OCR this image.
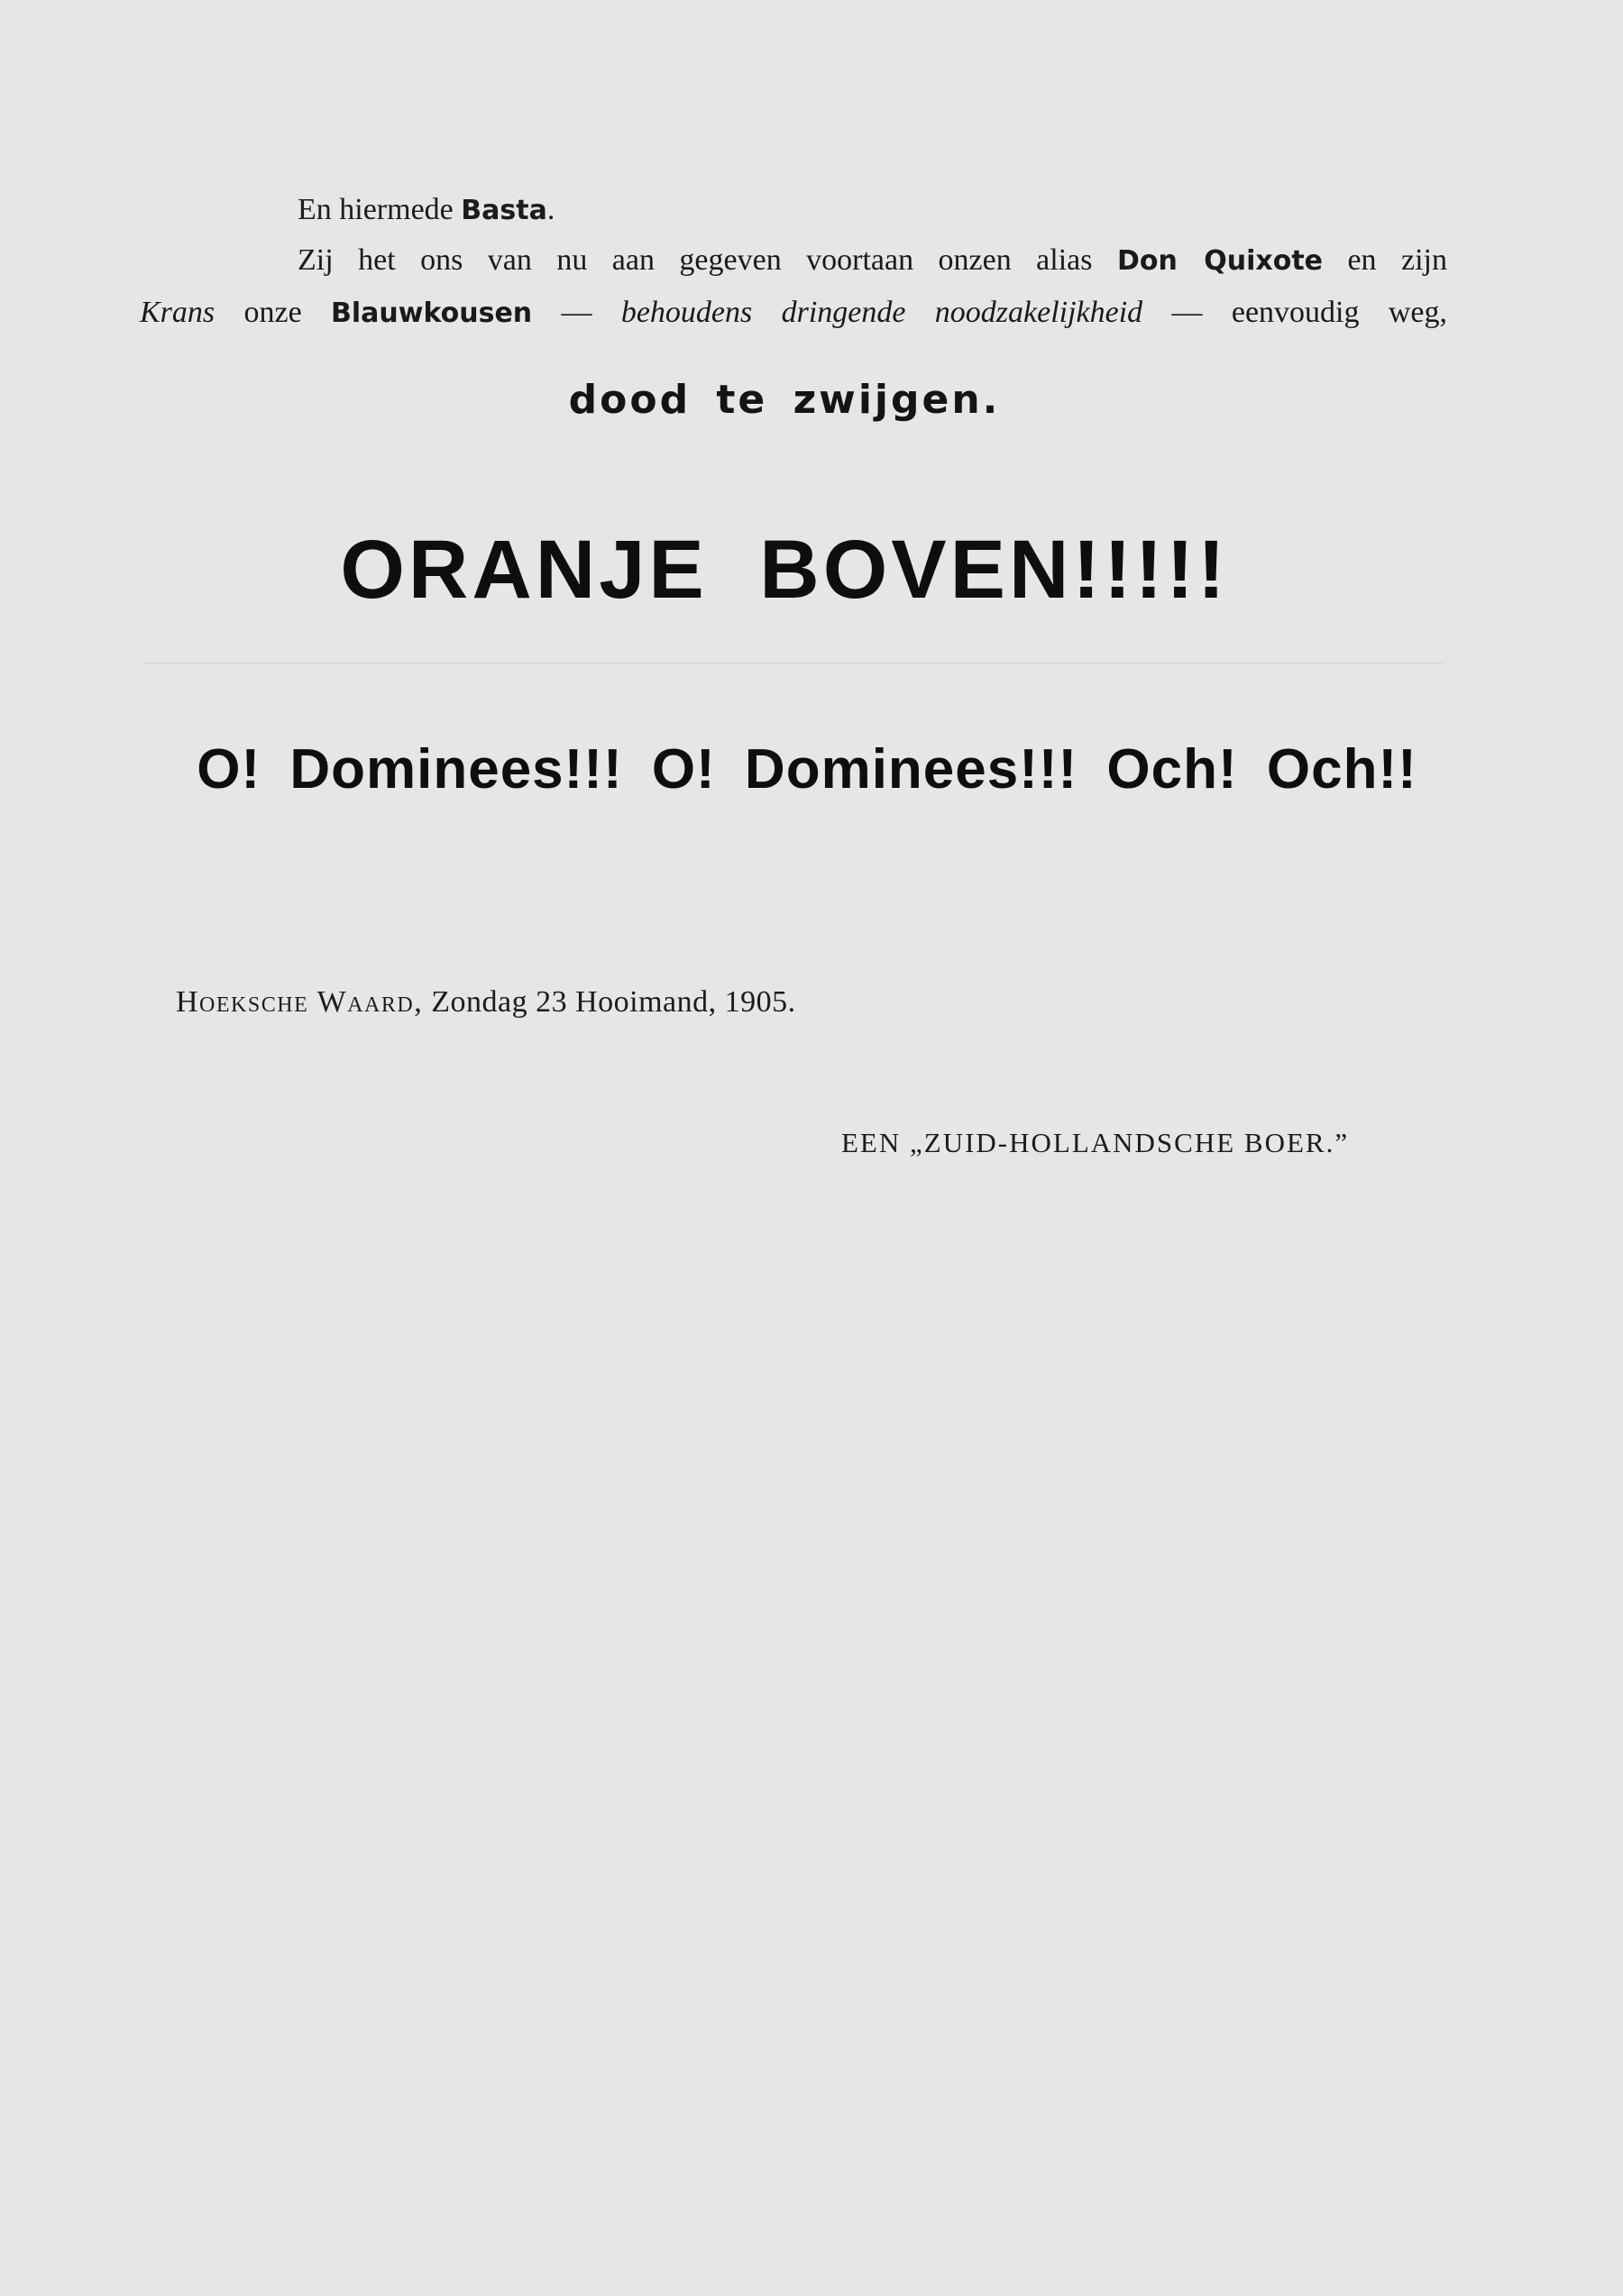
En hiermede Basta.
Zij het ons van nu aan gegeven voortaan onzen alias Don Quixote en zijn
Krans onze Blauwkousen — behoudens dringende noodzakelijkheid — eenvoudig weg,
dood te zwijgen.
ORANJE BOVEN!!!!!
O! Dominees!!! O! Dominees!!! Och! Och!!
Hoeksche Waard, Zondag 23 Hooimand, 1905.
EEN „ZUID-HOLLANDSCHE BOER.”
